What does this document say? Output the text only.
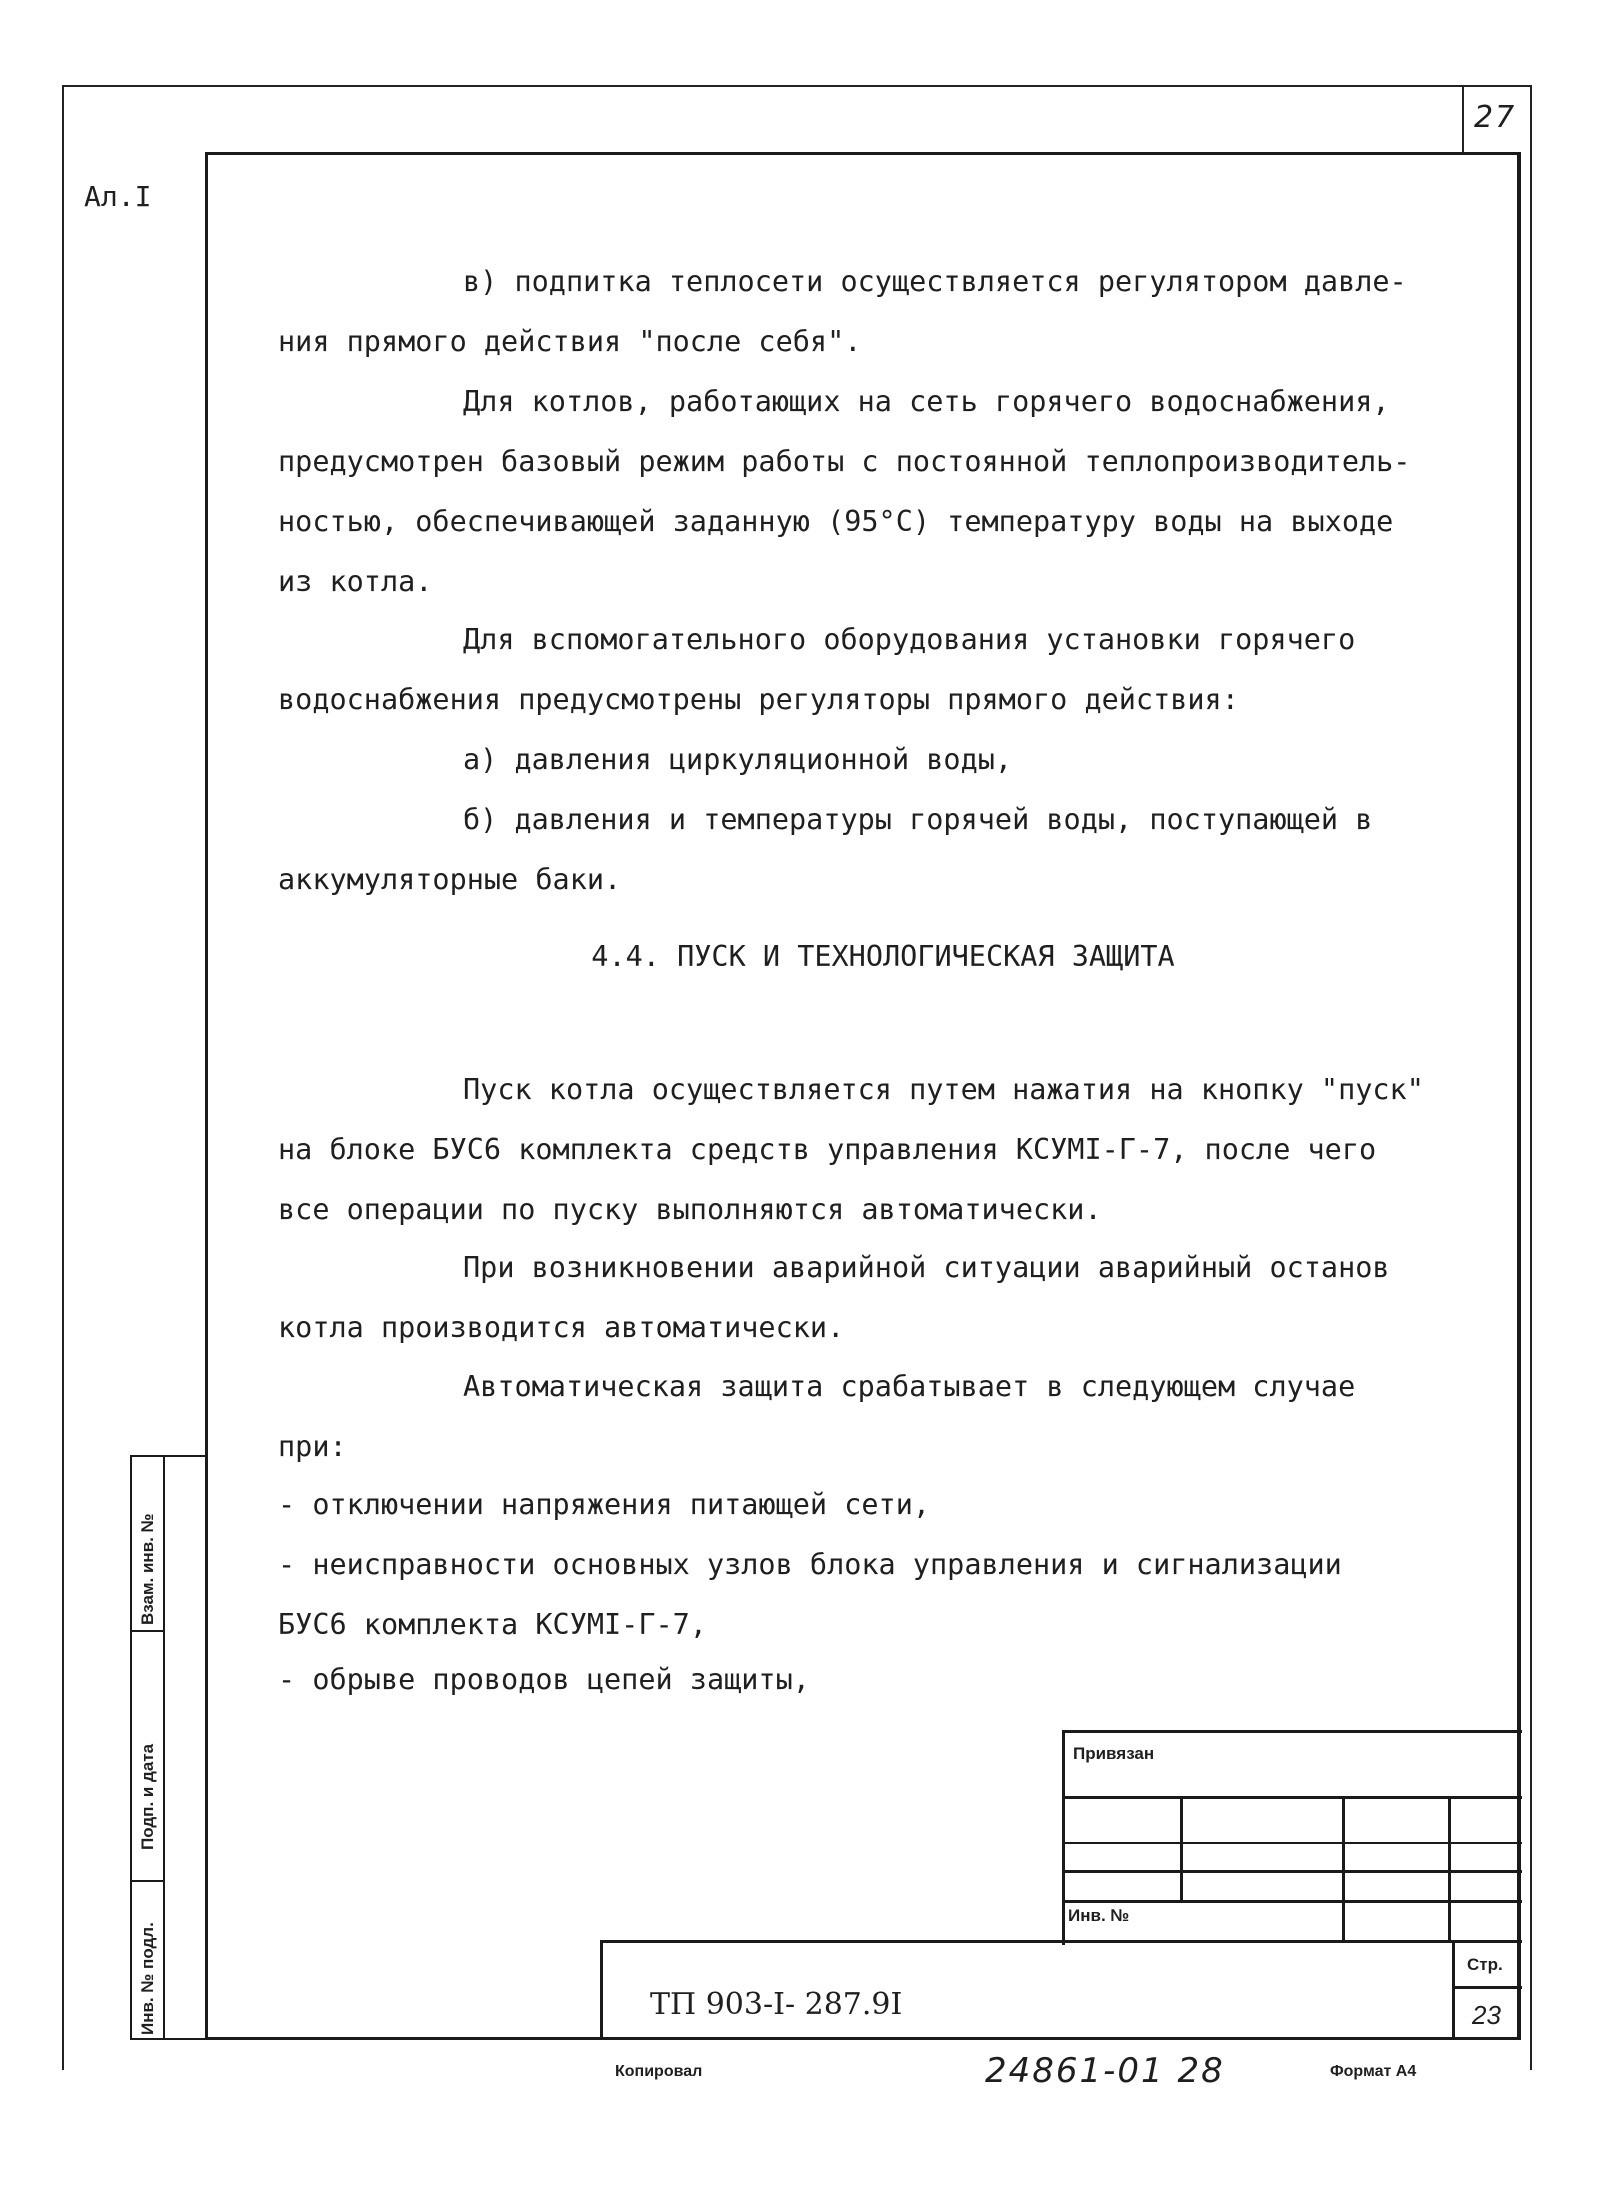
27
Ал.I

в) подпитка теплосети осуществляется регулятором давле-
ния прямого действия "после себя".

Для котлов, работающих на сеть горячего водоснабжения,
предусмотрен базовый режим работы с постоянной теплопроизводитель-
ностью, обеспечивающей заданную (95°С) температуру воды на выходе
из котла.

Для вспомогательного оборудования установки горячего
водоснабжения предусмотрены регуляторы прямого действия:

а) давления циркуляционной воды,

б) давления и температуры горячей воды, поступающей в
аккумуляторные баки.

4.4. ПУСК И ТЕХНОЛОГИЧЕСКАЯ ЗАЩИТА

Пуск котла осуществляется путем нажатия на кнопку "пуск"
на блоке БУС6 комплекта средств управления КСУМI-Г-7, после чего
все операции по пуску выполняются автоматически.

При возникновении аварийной ситуации аварийный останов
котла производится автоматически.

Автоматическая защита срабатывает в следующем случае
при:

- отключении напряжения питающей сети,

- неисправности основных узлов блока управления и сигнализации
БУС6 комплекта КСУМI-Г-7,

- обрыве проводов цепей защиты,

Взам. инв. №
Подп. и дата
Инв. № подл.
Привязан
Инв. №
ТП 903-I- 287.9I
Стр.
23
Копировал	24861-01 28	Формат А4
